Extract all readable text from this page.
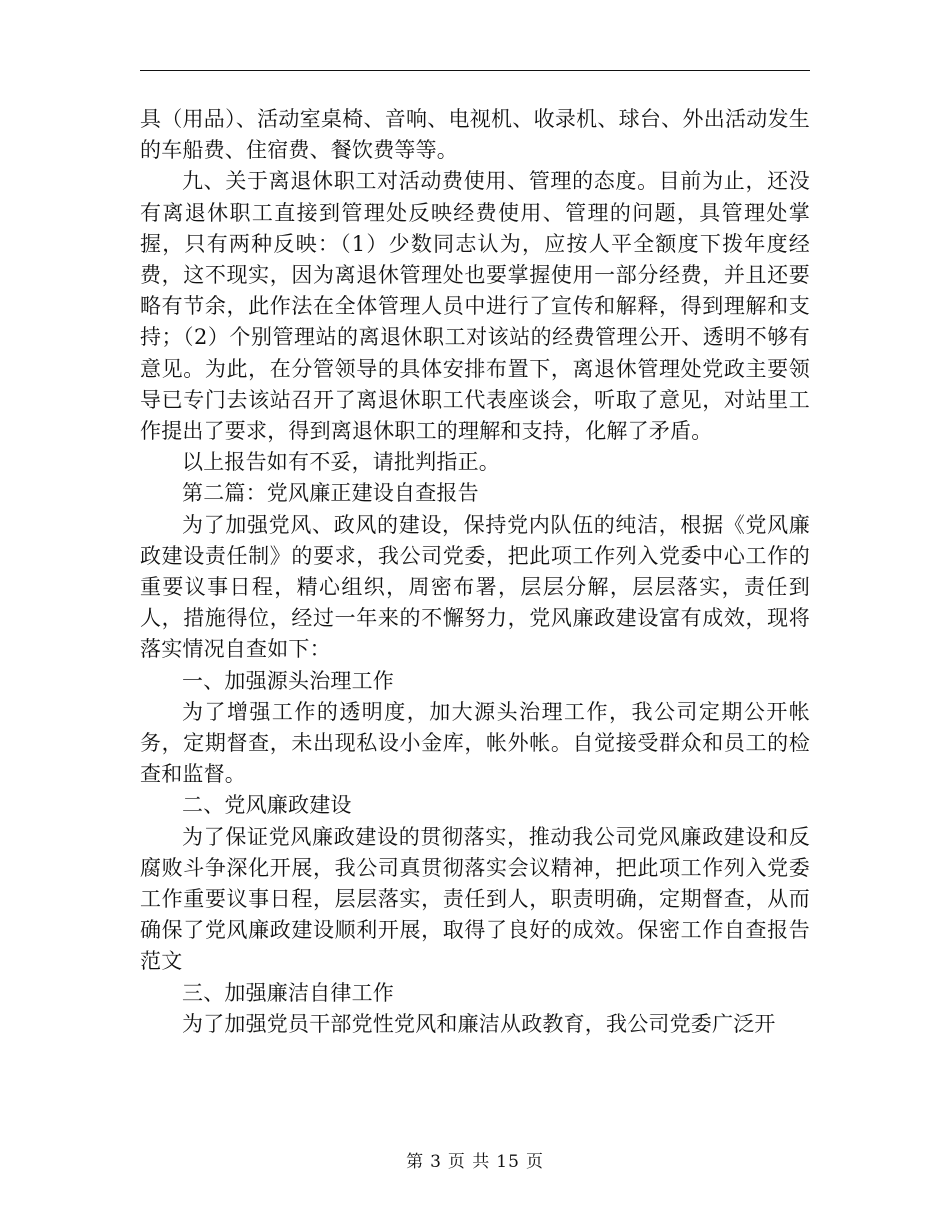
具（用品）、活动室桌椅、音响、电视机、收录机、球台、外出活动发生的车船费、住宿费、餐饮费等等。

九、关于离退休职工对活动费使用、管理的态度。目前为止，还没有离退休职工直接到管理处反映经费使用、管理的问题，具管理处掌握，只有两种反映：（1）少数同志认为，应按人平全额度下拨年度经费，这不现实，因为离退休管理处也要掌握使用一部分经费，并且还要略有节余，此作法在全体管理人员中进行了宣传和解释，得到理解和支持；（2）个别管理站的离退休职工对该站的经费管理公开、透明不够有意见。为此，在分管领导的具体安排布置下，离退休管理处党政主要领导已专门去该站召开了离退休职工代表座谈会，听取了意见，对站里工作提出了要求，得到离退休职工的理解和支持，化解了矛盾。

以上报告如有不妥，请批判指正。

第二篇：党风廉正建设自查报告

为了加强党风、政风的建设，保持党内队伍的纯洁，根据《党风廉政建设责任制》的要求，我公司党委，把此项工作列入党委中心工作的重要议事日程，精心组织，周密布署，层层分解，层层落实，责任到人，措施得位，经过一年来的不懈努力，党风廉政建设富有成效，现将落实情况自查如下：

一、加强源头治理工作

为了增强工作的透明度，加大源头治理工作，我公司定期公开帐务，定期督查，未出现私设小金库，帐外帐。自觉接受群众和员工的检查和监督。

二、党风廉政建设

为了保证党风廉政建设的贯彻落实，推动我公司党风廉政建设和反腐败斗争深化开展，我公司真贯彻落实会议精神，把此项工作列入党委工作重要议事日程，层层落实，责任到人，职责明确，定期督查，从而确保了党风廉政建设顺利开展，取得了良好的成效。保密工作自查报告范文

三、加强廉洁自律工作

为了加强党员干部党性党风和廉洁从政教育，我公司党委广泛开

第 3 页 共 15 页
